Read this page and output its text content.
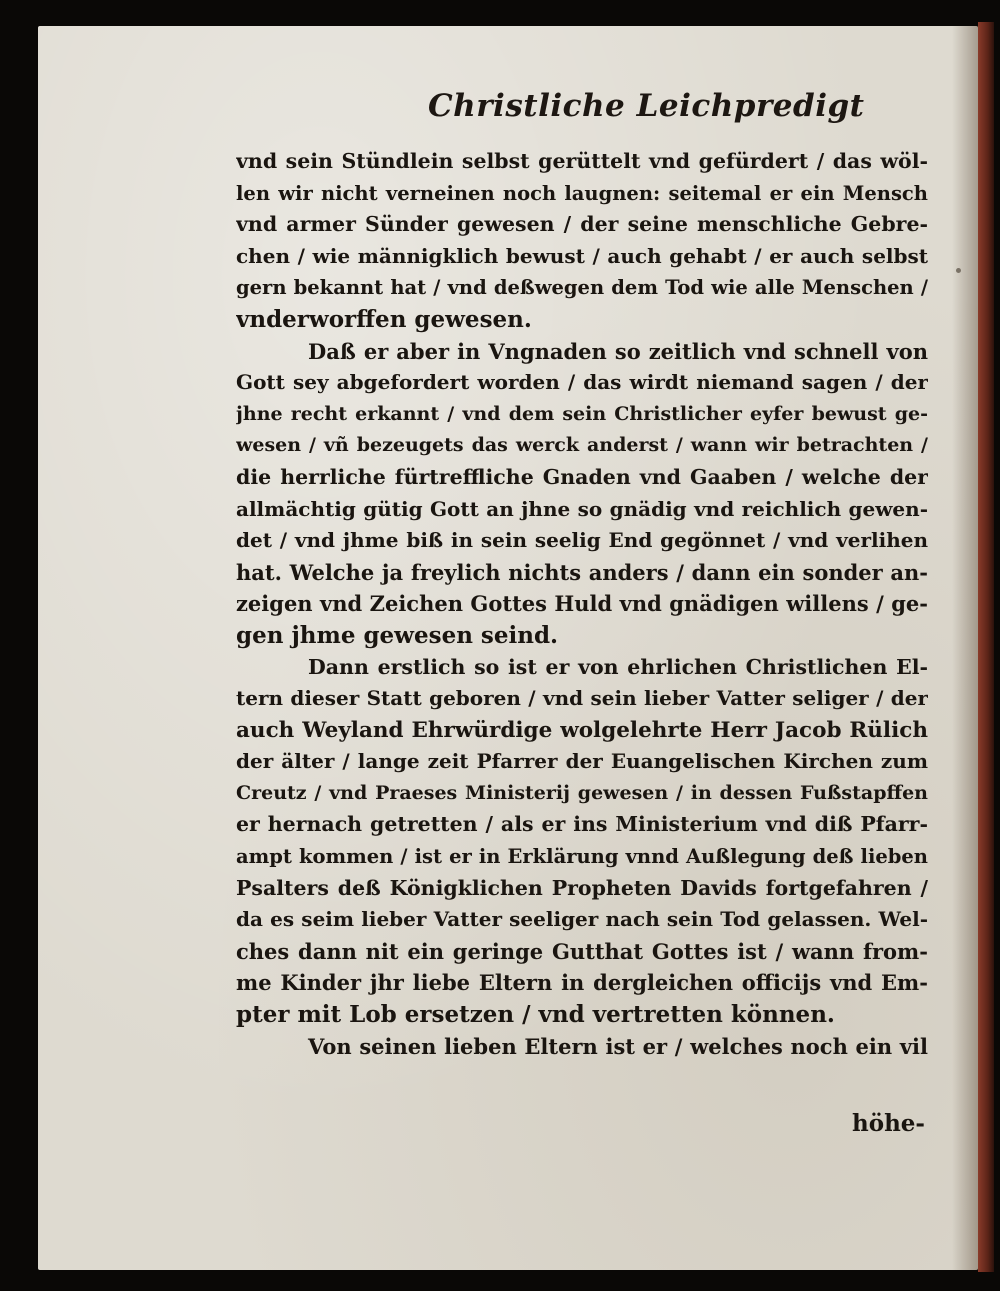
Christliche Leichpredigt
vnd sein Stündlein selbst gerüttelt vnd gefürdert / das wöl-
len wir nicht verneinen noch laugnen: seitemal er ein Mensch
vnd armer Sünder gewesen / der seine menschliche Gebre-
chen / wie männigklich bewust / auch gehabt / er auch selbst
gern bekannt hat / vnd deßwegen dem Tod wie alle Menschen /
vnderworffen gewesen.
Daß er aber in Vngnaden so zeitlich vnd schnell von
Gott sey abgefordert worden / das wirdt niemand sagen / der
jhne recht erkannt / vnd dem sein Christlicher eyfer bewust ge-
wesen / vñ bezeugets das werck anderst / wann wir betrachten /
die herrliche fürtreffliche Gnaden vnd Gaaben / welche der
allmächtig gütig Gott an jhne so gnädig vnd reichlich gewen-
det / vnd jhme biß in sein seelig End gegönnet / vnd verlihen
hat. Welche ja freylich nichts anders / dann ein sonder an-
zeigen vnd Zeichen Gottes Huld vnd gnädigen willens / ge-
gen jhme gewesen seind.
Dann erstlich so ist er von ehrlichen Christlichen El-
tern dieser Statt geboren / vnd sein lieber Vatter seliger / der
auch Weyland Ehrwürdige wolgelehrte Herr Jacob Rülich
der älter / lange zeit Pfarrer der Euangelischen Kirchen zum
Creutz / vnd Praeses Ministerij gewesen / in dessen Fußstapffen
er hernach getretten / als er ins Ministerium vnd diß Pfarr-
ampt kommen / ist er in Erklärung vnnd Außlegung deß lieben
Psalters deß Königklichen Propheten Davids fortgefahren /
da es seim lieber Vatter seeliger nach sein Tod gelassen. Wel-
ches dann nit ein geringe Gutthat Gottes ist / wann from-
me Kinder jhr liebe Eltern in dergleichen officijs vnd Em-
pter mit Lob ersetzen / vnd vertretten können.
Von seinen lieben Eltern ist er / welches noch ein vil
höhe-
